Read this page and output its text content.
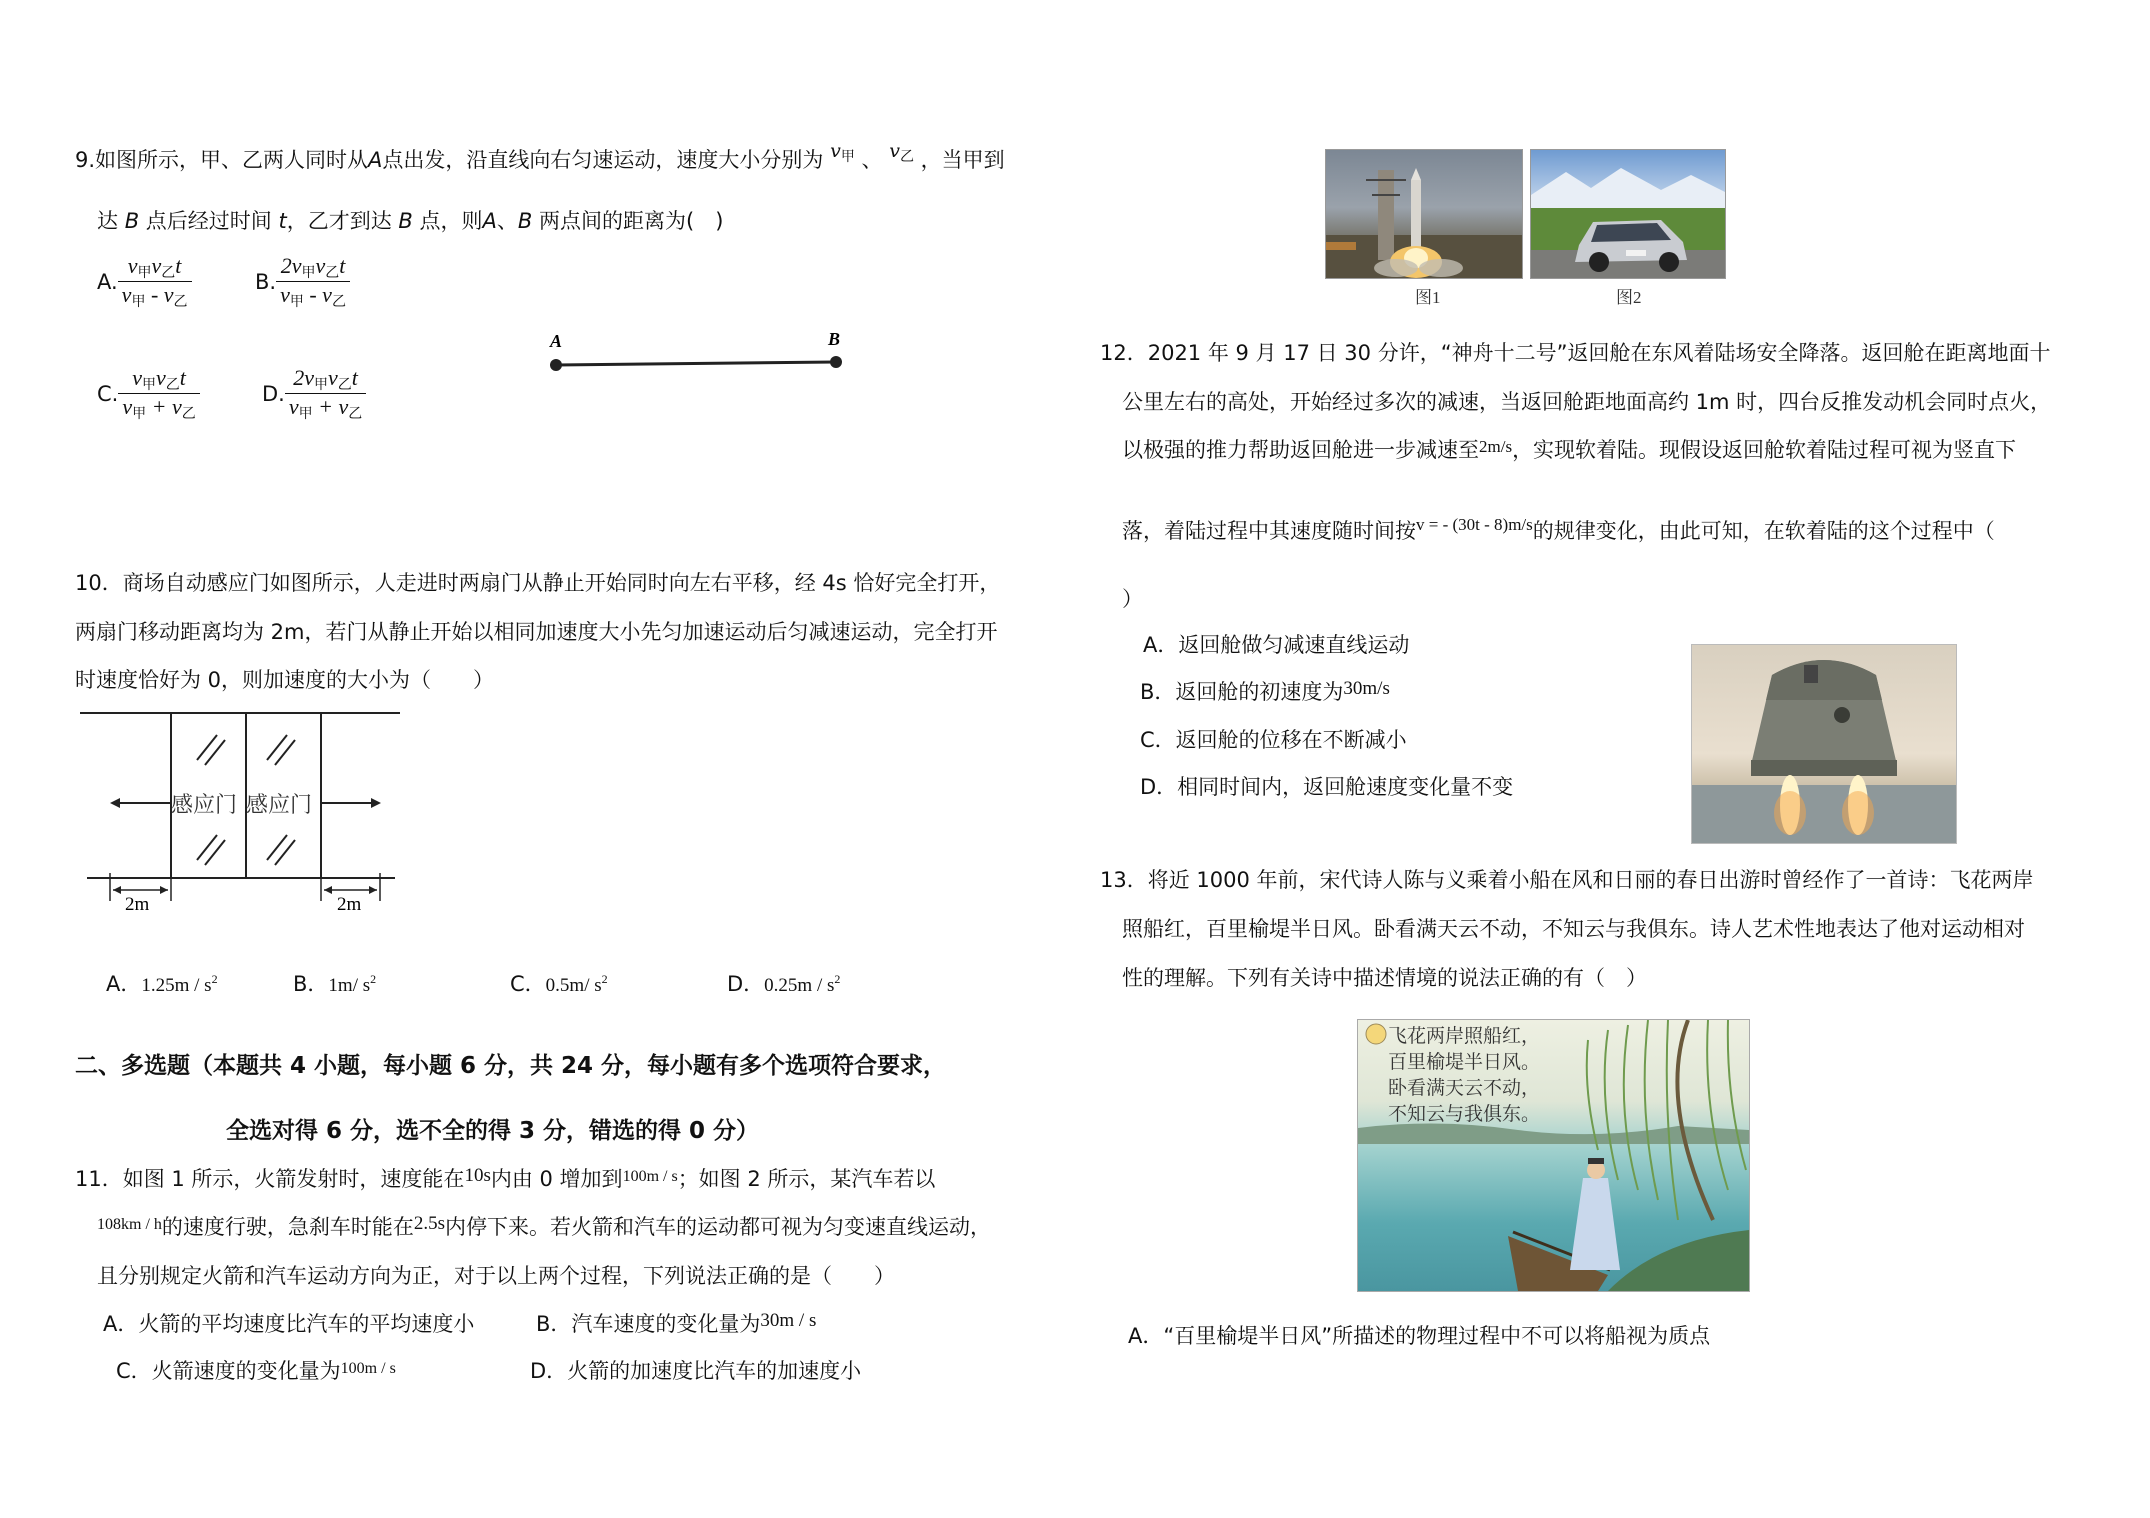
9.如图所示，甲、乙两人同时从A点出发，沿直线向右匀速运动，速度大小分别为 $v_甲$ 、 $v_乙$ ，当甲到
达 B 点后经过时间 t，乙才到达 B 点，则A、B 两点间的距离为(　)
A. $\frac{v_甲v_乙t}{v_甲 - v_乙}$	B. $\frac{2v_甲v_乙t}{v_甲 - v_乙}$
C. $\frac{v_甲v_乙t}{v_甲 + v_乙}$	D. $\frac{2v_甲v_乙t}{v_甲 + v_乙}$
A	B
10．商场自动感应门如图所示，人走进时两扇门从静止开始同时向左右平移，经 4s 恰好完全打开，
两扇门移动距离均为 2m，若门从静止开始以相同加速度大小先匀加速运动后匀减速运动，完全打开
时速度恰好为 0，则加速度的大小为（　　）
感应门 感应门
2m	2m
A．$1.25m / s^2$	B．1m/ $s^2$	C．0.5m/ $s^2$	D．$0.25m / s^2$
二、多选题（本题共 4 小题，每小题 6 分，共 24 分，每小题有多个选项符合要求，
全选对得 6 分，选不全的得 3 分，错选的得 0 分）
11．如图 1 所示，火箭发射时，速度能在10s内由 0 增加到$^{100m / s}$；如图 2 所示，某汽车若以
$^{108km / h}$的速度行驶，急刹车时能在2.5s内停下来。若火箭和汽车的运动都可视为匀变速直线运动，
且分别规定火箭和汽车运动方向为正，对于以上两个过程，下列说法正确的是（　　）
A．火箭的平均速度比汽车的平均速度小	B．汽车速度的变化量为30m / s
C．火箭速度的变化量为$^{100m / s}$	D．火箭的加速度比汽车的加速度小
图1	图2
12．2021 年 9 月 17 日 30 分许，“神舟十二号”返回舱在东风着陆场安全降落。返回舱在距离地面十
公里左右的高处，开始经过多次的减速，当返回舱距地面高约 1m 时，四台反推发动机会同时点火，
以极强的推力帮助返回舱进一步减速至$^{2m/s}$，实现软着陆。现假设返回舱软着陆过程可视为竖直下
落，着陆过程中其速度随时间按$^{v = - (30t - 8)m/s}$的规律变化，由此可知，在软着陆的这个过程中（
）
A．返回舱做匀减速直线运动
B．返回舱的初速度为30m/s
C．返回舱的位移在不断减小
D．相同时间内，返回舱速度变化量不变
13．将近 1000 年前，宋代诗人陈与义乘着小船在风和日丽的春日出游时曾经作了一首诗：飞花两岸
照船红，百里榆堤半日风。卧看满天云不动，不知云与我俱东。诗人艺术性地表达了他对运动相对
性的理解。下列有关诗中描述情境的说法正确的有（　）
飞花两岸照船红，
百里榆堤半日风。
卧看满天云不动，
不知云与我俱东。
A．“百里榆堤半日风”所描述的物理过程中不可以将船视为质点
